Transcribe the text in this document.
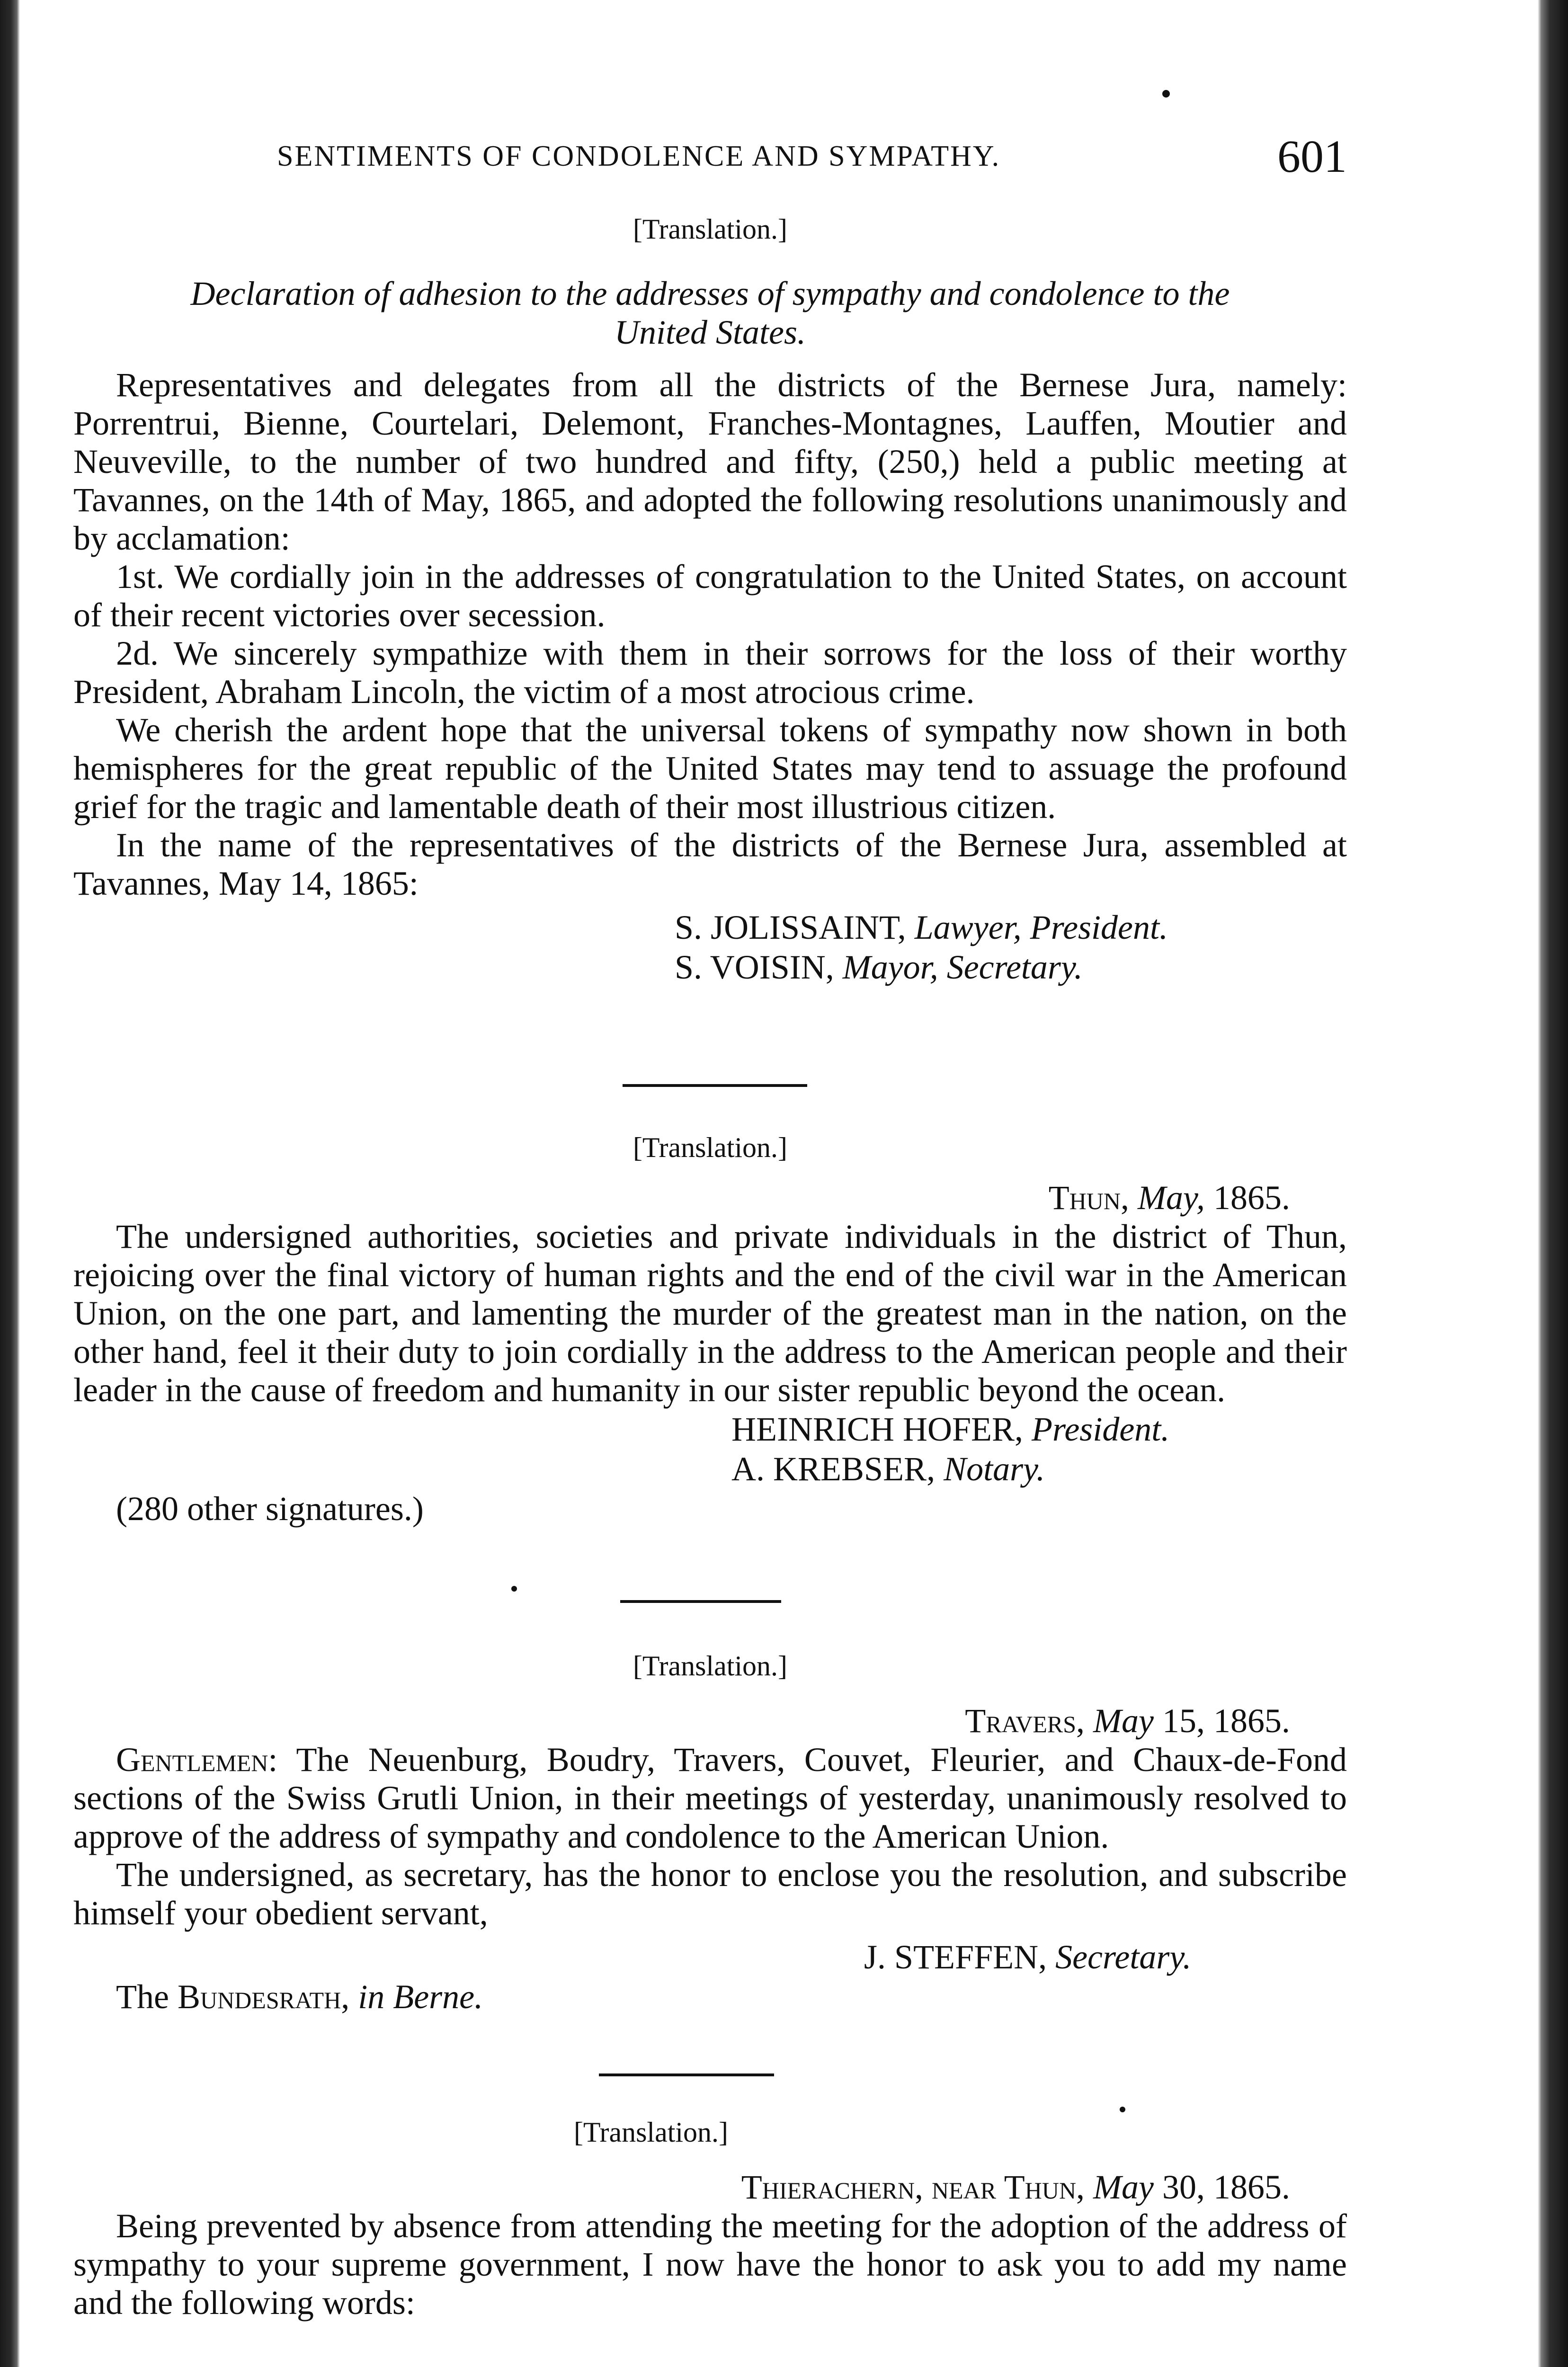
SENTIMENTS OF CONDOLENCE AND SYMPATHY.	601
[Translation.]
Declaration of adhesion to the addresses of sympathy and condolence to the
United States.

Representatives and delegates from all the districts of the Bernese Jura, namely: Porrentrui, Bienne, Courtelari, Delemont, Franches-Montagnes, Lauffen, Moutier and Neuveville, to the number of two hundred and fifty, (250,) held a public meeting at Tavannes, on the 14th of May, 1865, and adopted the following resolutions unanimously and by acclamation:

1st. We cordially join in the addresses of congratulation to the United States, on account of their recent victories over secession.

2d. We sincerely sympathize with them in their sorrows for the loss of their worthy President, Abraham Lincoln, the victim of a most atrocious crime.

We cherish the ardent hope that the universal tokens of sympathy now shown in both hemispheres for the great republic of the United States may tend to assuage the profound grief for the tragic and lamentable death of their most illustrious citizen.

In the name of the representatives of the districts of the Bernese Jura, assembled at Tavannes, May 14, 1865:

S. JOLISSAINT, Lawyer, President.
S. VOISIN, Mayor, Secretary.
[Translation.]
Thun, May, 1865.

The undersigned authorities, societies and private individuals in the district of Thun, rejoicing over the final victory of human rights and the end of the civil war in the American Union, on the one part, and lamenting the murder of the greatest man in the nation, on the other hand, feel it their duty to join cordially in the address to the American people and their leader in the cause of freedom and humanity in our sister republic beyond the ocean.

HEINRICH HOFER, President.
A. KREBSER, Notary.
(280 other signatures.)
[Translation.]
Travers, May 15, 1865.

Gentlemen: The Neuenburg, Boudry, Travers, Couvet, Fleurier, and Chaux-de-Fond sections of the Swiss Grutli Union, in their meetings of yesterday, unanimously resolved to approve of the address of sympathy and condolence to the American Union.

The undersigned, as secretary, has the honor to enclose you the resolution, and subscribe himself your obedient servant,

J. STEFFEN, Secretary.
The Bundesrath, in Berne.
[Translation.]
Thierachern, near Thun, May 30, 1865.

Being prevented by absence from attending the meeting for the adoption of the address of sympathy to your supreme government, I now have the honor to ask you to add my name and the following words:
